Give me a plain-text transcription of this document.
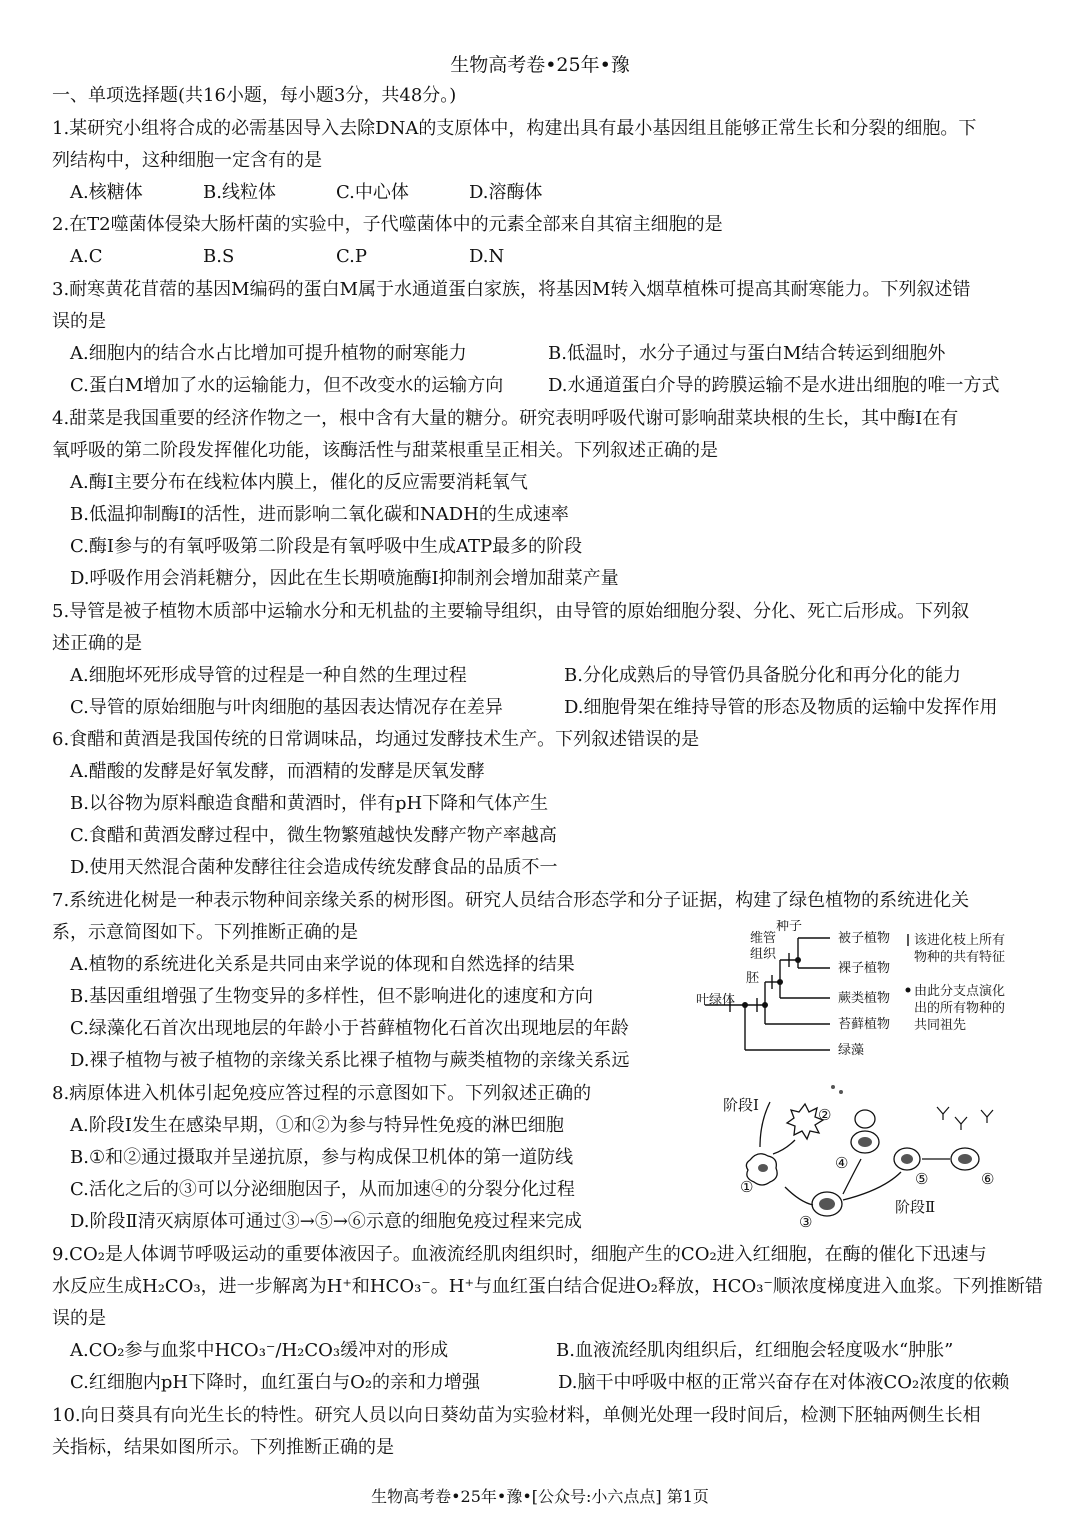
生物高考卷•25年•豫
一、单项选择题(共16小题，每小题3分，共48分。)
1.某研究小组将合成的必需基因导入去除DNA的支原体中，构建出具有最小基因组且能够正常生长和分裂的细胞。下
列结构中，这种细胞一定含有的是
A.核糖体	B.线粒体	C.中心体	D.溶酶体
2.在T2噬菌体侵染大肠杆菌的实验中，子代噬菌体中的元素全部来自其宿主细胞的是
A.C	B.S	C.P	D.N
3.耐寒黄花苜蓿的基因M编码的蛋白M属于水通道蛋白家族，将基因M转入烟草植株可提高其耐寒能力。下列叙述错
误的是
A.细胞内的结合水占比增加可提升植物的耐寒能力	B.低温时，水分子通过与蛋白M结合转运到细胞外
C.蛋白M增加了水的运输能力，但不改变水的运输方向 D.水通道蛋白介导的跨膜运输不是水进出细胞的唯一方式
4.甜菜是我国重要的经济作物之一，根中含有大量的糖分。研究表明呼吸代谢可影响甜菜块根的生长，其中酶Ⅰ在有
氧呼吸的第二阶段发挥催化功能，该酶活性与甜菜根重呈正相关。下列叙述正确的是
A.酶Ⅰ主要分布在线粒体内膜上，催化的反应需要消耗氧气
B.低温抑制酶Ⅰ的活性，进而影响二氧化碳和NADH的生成速率
C.酶Ⅰ参与的有氧呼吸第二阶段是有氧呼吸中生成ATP最多的阶段
D.呼吸作用会消耗糖分，因此在生长期喷施酶Ⅰ抑制剂会增加甜菜产量
5.导管是被子植物木质部中运输水分和无机盐的主要输导组织，由导管的原始细胞分裂、分化、死亡后形成。下列叙
述正确的是
A.细胞坏死形成导管的过程是一种自然的生理过程	B.分化成熟后的导管仍具备脱分化和再分化的能力
C.导管的原始细胞与叶肉细胞的基因表达情况存在差异	D.细胞骨架在维持导管的形态及物质的运输中发挥作用
6.食醋和黄酒是我国传统的日常调味品，均通过发酵技术生产。下列叙述错误的是
A.醋酸的发酵是好氧发酵，而酒精的发酵是厌氧发酵
B.以谷物为原料酿造食醋和黄酒时，伴有pH下降和气体产生
C.食醋和黄酒发酵过程中，微生物繁殖越快发酵产物产率越高
D.使用天然混合菌种发酵往往会造成传统发酵食品的品质不一
7.系统进化树是一种表示物种间亲缘关系的树形图。研究人员结合形态学和分子证据，构建了绿色植物的系统进化关
系，示意简图如下。下列推断正确的是
A.植物的系统进化关系是共同由来学说的体现和自然选择的结果
B.基因重组增强了生物变异的多样性，但不影响进化的速度和方向
C.绿藻化石首次出现地层的年龄小于苔藓植物化石首次出现地层的年龄
D.裸子植物与被子植物的亲缘关系比裸子植物与蕨类植物的亲缘关系远
种子
维管
组织
胚
叶绿体
被子植物
裸子植物
蕨类植物
苔藓植物
绿藻
该进化枝上所有
物种的共有特征
由此分支点演化
出的所有物种的
共同祖先
8.病原体进入机体引起免疫应答过程的示意图如下。下列叙述正确的
A.阶段Ⅰ发生在感染早期，①和②为参与特异性免疫的淋巴细胞
B.①和②通过摄取并呈递抗原，参与构成保卫机体的第一道防线
C.活化之后的③可以分泌细胞因子，从而加速④的分裂分化过程
D.阶段Ⅱ清灭病原体可通过③→⑤→⑥示意的细胞免疫过程来完成
阶段Ⅰ
阶段Ⅱ
①
②
③
④
⑤	⑥
9.CO₂是人体调节呼吸运动的重要体液因子。血液流经肌肉组织时，细胞产生的CO₂进入红细胞，在酶的催化下迅速与
水反应生成H₂CO₃，进一步解离为H⁺和HCO₃⁻。H⁺与血红蛋白结合促进O₂释放，HCO₃⁻顺浓度梯度进入血浆。下列推断错
误的是
A.CO₂参与血浆中HCO₃⁻/H₂CO₃缓冲对的形成	B.血液流经肌肉组织后，红细胞会轻度吸水“肿胀”
C.红细胞内pH下降时，血红蛋白与O₂的亲和力增强	D.脑干中呼吸中枢的正常兴奋存在对体液CO₂浓度的依赖
10.向日葵具有向光生长的特性。研究人员以向日葵幼苗为实验材料，单侧光处理一段时间后，检测下胚轴两侧生长相
关指标，结果如图所示。下列推断正确的是
生物高考卷•25年•豫•[公众号:小六点点] 第1页
